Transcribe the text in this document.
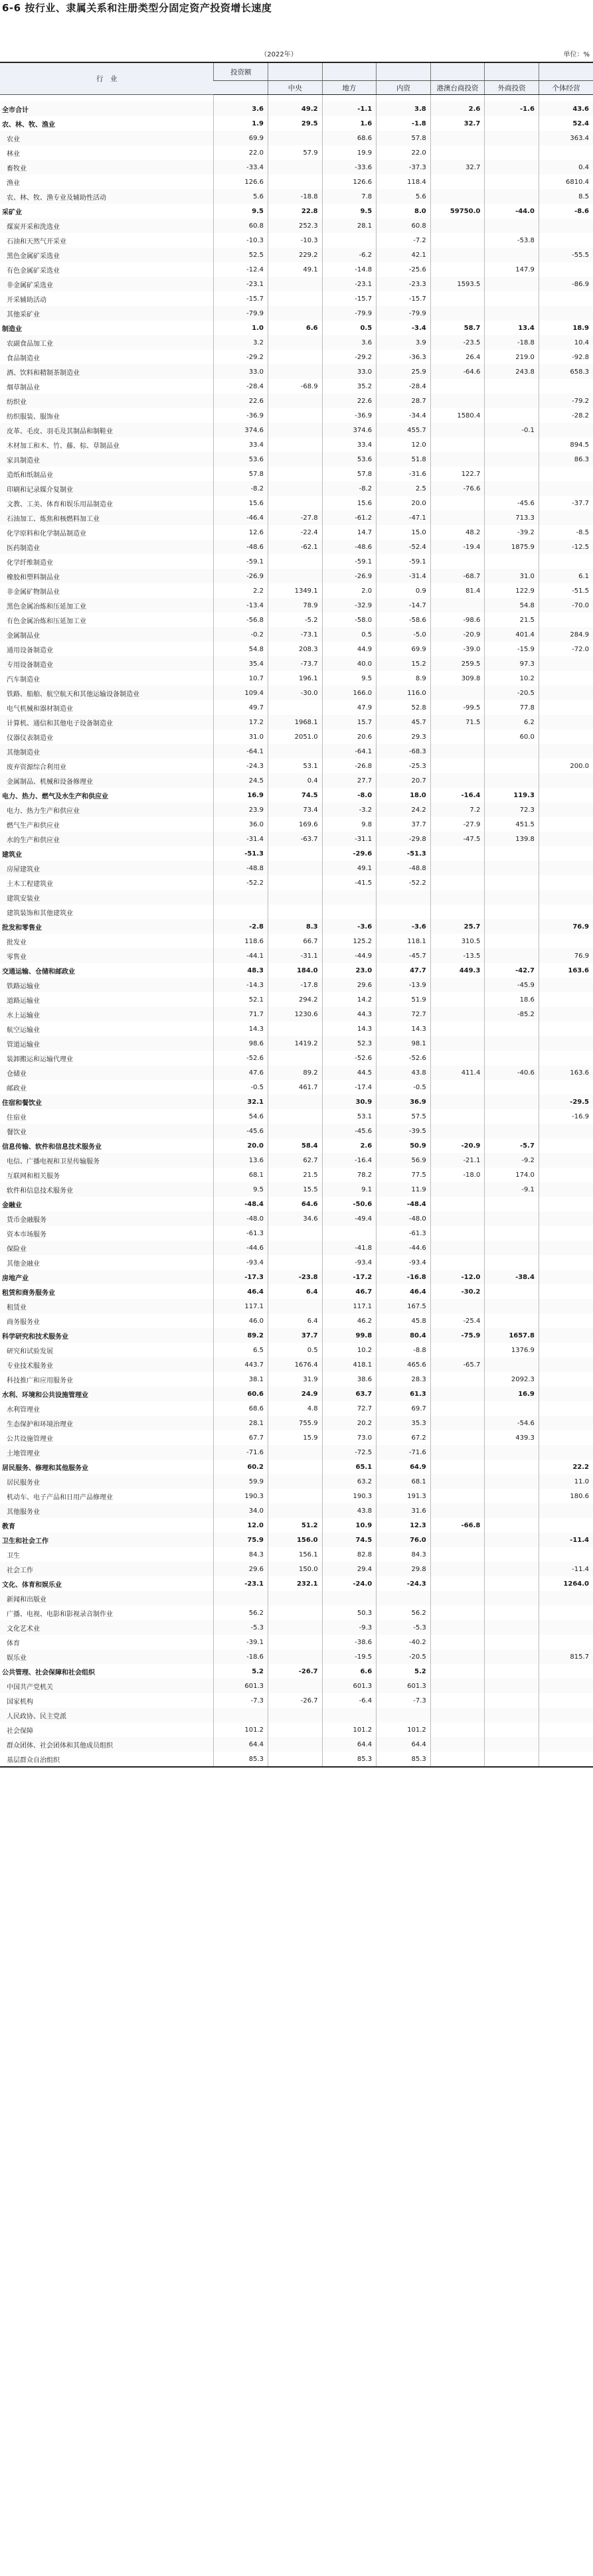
6-6 按行业、隶属关系和注册类型分固定资产投资增长速度
（2022年）	单位：%
行　业	投资额						
		中央	地方	内资	港澳台商投资	外商投资	个体经营

全市合计	3.6	49.2	-1.1	3.8	2.6	-1.6	43.6
农、林、牧、渔业	1.9	29.5	1.6	-1.8	32.7		52.4
农业	69.9		68.6	57.8			363.4
林业	22.0	57.9	19.9	22.0			
畜牧业	-33.4		-33.6	-37.3	32.7		0.4
渔业	126.6		126.6	118.4			6810.4
农、林、牧、渔专业及辅助性活动	5.6	-18.8	7.8	5.6			8.5
采矿业	9.5	22.8	9.5	8.0	59750.0	-44.0	-8.6
煤炭开采和洗选业	60.8	252.3	28.1	60.8			
石油和天然气开采业	-10.3	-10.3		-7.2		-53.8	
黑色金属矿采选业	52.5	229.2	-6.2	42.1			-55.5
有色金属矿采选业	-12.4	49.1	-14.8	-25.6		147.9	
非金属矿采选业	-23.1		-23.1	-23.3	1593.5		-86.9
开采辅助活动	-15.7		-15.7	-15.7			
其他采矿业	-79.9		-79.9	-79.9			
制造业	1.0	6.6	0.5	-3.4	58.7	13.4	18.9
农副食品加工业	3.2		3.6	3.9	-23.5	-18.8	10.4
食品制造业	-29.2		-29.2	-36.3	26.4	219.0	-92.8
酒、饮料和精制茶制造业	33.0		33.0	25.9	-64.6	243.8	658.3
烟草制品业	-28.4	-68.9	35.2	-28.4			
纺织业	22.6		22.6	28.7			-79.2
纺织服装、服饰业	-36.9		-36.9	-34.4	1580.4		-28.2
皮革、毛皮、羽毛及其制品和制鞋业	374.6		374.6	455.7		-0.1	
木材加工和木、竹、藤、棕、草制品业	33.4		33.4	12.0			894.5
家具制造业	53.6		53.6	51.8			86.3
造纸和纸制品业	57.8		57.8	-31.6	122.7		
印刷和记录媒介复制业	-8.2		-8.2	2.5	-76.6		
文教、工美、体育和娱乐用品制造业	15.6		15.6	20.0		-45.6	-37.7
石油加工、炼焦和核燃料加工业	-46.4	-27.8	-61.2	-47.1		713.3	
化学原料和化学制品制造业	12.6	-22.4	14.7	15.0	48.2	-39.2	-8.5
医药制造业	-48.6	-62.1	-48.6	-52.4	-19.4	1875.9	-12.5
化学纤维制造业	-59.1		-59.1	-59.1			
橡胶和塑料制品业	-26.9		-26.9	-31.4	-68.7	31.0	6.1
非金属矿物制品业	2.2	1349.1	2.0	0.9	81.4	122.9	-51.5
黑色金属冶炼和压延加工业	-13.4	78.9	-32.9	-14.7		54.8	-70.0
有色金属冶炼和压延加工业	-56.8	-5.2	-58.0	-58.6	-98.6	21.5	
金属制品业	-0.2	-73.1	0.5	-5.0	-20.9	401.4	284.9
通用设备制造业	54.8	208.3	44.9	69.9	-39.0	-15.9	-72.0
专用设备制造业	35.4	-73.7	40.0	15.2	259.5	97.3	
汽车制造业	10.7	196.1	9.5	8.9	309.8	10.2	
铁路、船舶、航空航天和其他运输设备制造业	109.4	-30.0	166.0	116.0		-20.5	
电气机械和器材制造业	49.7		47.9	52.8	-99.5	77.8	
计算机、通信和其他电子设备制造业	17.2	1968.1	15.7	45.7	71.5	6.2	
仪器仪表制造业	31.0	2051.0	20.6	29.3		60.0	
其他制造业	-64.1		-64.1	-68.3			
废弃资源综合利用业	-24.3	53.1	-26.8	-25.3			200.0
金属制品、机械和设备修理业	24.5	0.4	27.7	20.7			
电力、热力、燃气及水生产和供应业	16.9	74.5	-8.0	18.0	-16.4	119.3	
电力、热力生产和供应业	23.9	73.4	-3.2	24.2	7.2	72.3	
燃气生产和供应业	36.0	169.6	9.8	37.7	-27.9	451.5	
水的生产和供应业	-31.4	-63.7	-31.1	-29.8	-47.5	139.8	
建筑业	-51.3		-29.6	-51.3			
房屋建筑业	-48.8		49.1	-48.8			
土木工程建筑业	-52.2		-41.5	-52.2			
建筑安装业							
建筑装饰和其他建筑业							
批发和零售业	-2.8	8.3	-3.6	-3.6	25.7		76.9
批发业	118.6	66.7	125.2	118.1	310.5		
零售业	-44.1	-31.1	-44.9	-45.7	-13.5		76.9
交通运输、仓储和邮政业	48.3	184.0	23.0	47.7	449.3	-42.7	163.6
铁路运输业	-14.3	-17.8	29.6	-13.9		-45.9	
道路运输业	52.1	294.2	14.2	51.9		18.6	
水上运输业	71.7	1230.6	44.3	72.7		-85.2	
航空运输业	14.3		14.3	14.3			
管道运输业	98.6	1419.2	52.3	98.1			
装卸搬运和运输代理业	-52.6		-52.6	-52.6			
仓储业	47.6	89.2	44.5	43.8	411.4	-40.6	163.6
邮政业	-0.5	461.7	-17.4	-0.5			
住宿和餐饮业	32.1		30.9	36.9			-29.5
住宿业	54.6		53.1	57.5			-16.9
餐饮业	-45.6		-45.6	-39.5			
信息传输、软件和信息技术服务业	20.0	58.4	2.6	50.9	-20.9	-5.7	
电信、广播电视和卫星传输服务	13.6	62.7	-16.4	56.9	-21.1	-9.2	
互联网和相关服务	68.1	21.5	78.2	77.5	-18.0	174.0	
软件和信息技术服务业	9.5	15.5	9.1	11.9		-9.1	
金融业	-48.4	64.6	-50.6	-48.4			
货币金融服务	-48.0	34.6	-49.4	-48.0			
资本市场服务	-61.3			-61.3			
保险业	-44.6		-41.8	-44.6			
其他金融业	-93.4		-93.4	-93.4			
房地产业	-17.3	-23.8	-17.2	-16.8	-12.0	-38.4	
租赁和商务服务业	46.4	6.4	46.7	46.4	-30.2		
租赁业	117.1		117.1	167.5			
商务服务业	46.0	6.4	46.2	45.8	-25.4		
科学研究和技术服务业	89.2	37.7	99.8	80.4	-75.9	1657.8	
研究和试验发展	6.5	0.5	10.2	-8.8		1376.9	
专业技术服务业	443.7	1676.4	418.1	465.6	-65.7		
科技推广和应用服务业	38.1	31.9	38.6	28.3		2092.3	
水利、环境和公共设施管理业	60.6	24.9	63.7	61.3		16.9	
水利管理业	68.6	4.8	72.7	69.7			
生态保护和环境治理业	28.1	755.9	20.2	35.3		-54.6	
公共设施管理业	67.7	15.9	73.0	67.2		439.3	
土地管理业	-71.6		-72.5	-71.6			
居民服务、修理和其他服务业	60.2		65.1	64.9			22.2
居民服务业	59.9		63.2	68.1			11.0
机动车、电子产品和日用产品修理业	190.3		190.3	191.3			180.6
其他服务业	34.0		43.8	31.6			
教育	12.0	51.2	10.9	12.3	-66.8		
卫生和社会工作	75.9	156.0	74.5	76.0			-11.4
卫生	84.3	156.1	82.8	84.3			
社会工作	29.6	150.0	29.4	29.8			-11.4
文化、体育和娱乐业	-23.1	232.1	-24.0	-24.3			1264.0
新闻和出版业							
广播、电视、电影和影视录音制作业	56.2		50.3	56.2			
文化艺术业	-5.3		-9.3	-5.3			
体育	-39.1		-38.6	-40.2			
娱乐业	-18.6		-19.5	-20.5			815.7
公共管理、社会保障和社会组织	5.2	-26.7	6.6	5.2			
中国共产党机关	601.3		601.3	601.3			
国家机构	-7.3	-26.7	-6.4	-7.3			
人民政协、民主党派							
社会保障	101.2		101.2	101.2			
群众团体、社会团体和其他成员组织	64.4		64.4	64.4			
基层群众自治组织	85.3		85.3	85.3			
